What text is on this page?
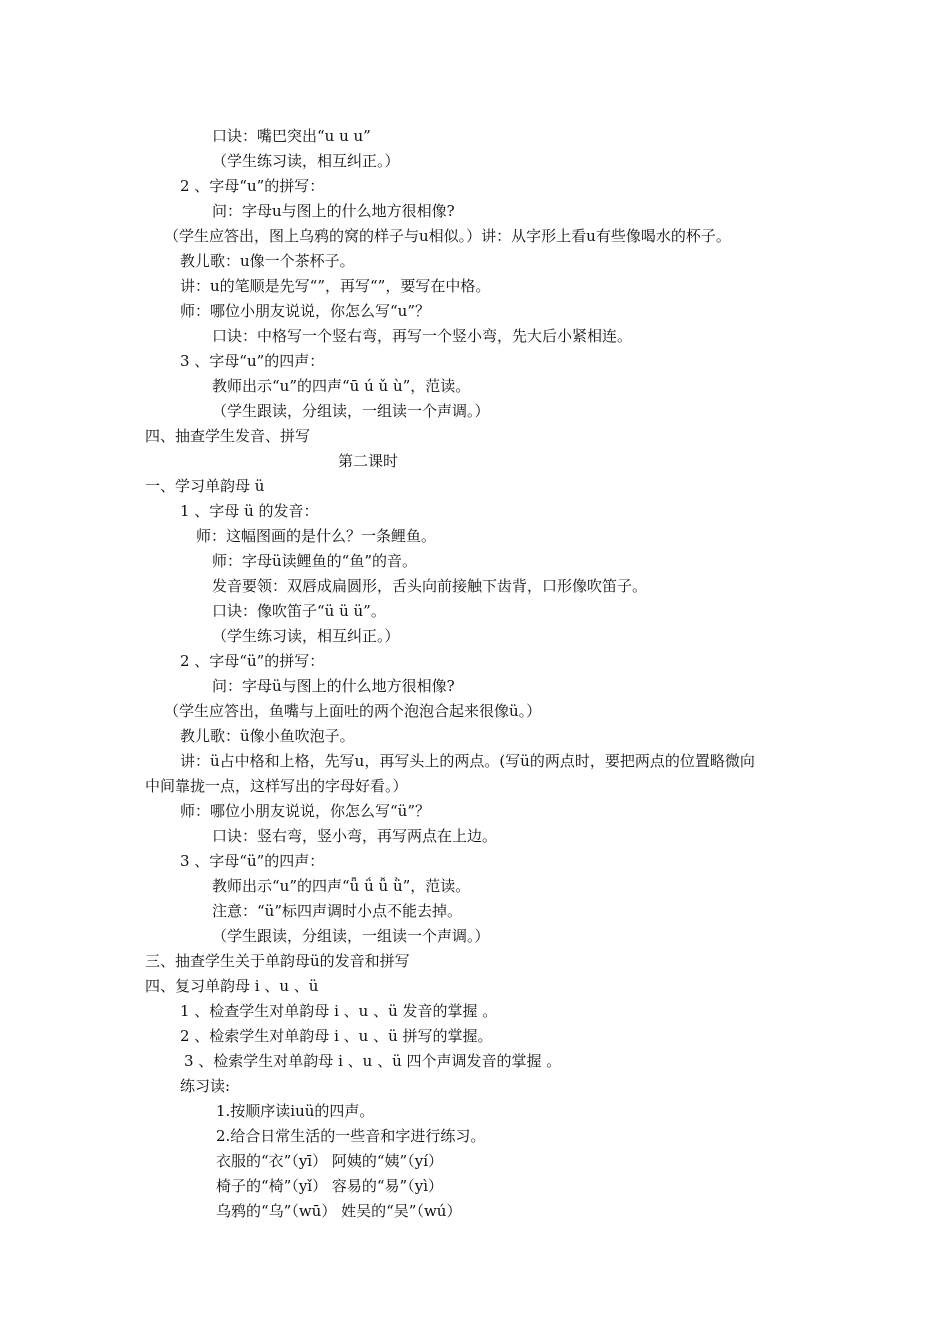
口诀：嘴巴突出“u u u”
（学生练习读，相互纠正。）
2 、字母“u”的拼写：
问：字母u与图上的什么地方很相像?
（学生应答出，图上乌鸦的窝的样子与u相似。）讲：从字形上看u有些像喝水的杯子。
教儿歌：u像一个茶杯子。
讲：u的笔顺是先写“”，再写“”，要写在中格。
师：哪位小朋友说说，你怎么写“u”？
口诀：中格写一个竖右弯，再写一个竖小弯，先大后小紧相连。
3 、字母“u”的四声：
教师出示“u”的四声“ū ú ǔ ù”，范读。
（学生跟读，分组读，一组读一个声调。）
四、抽查学生发音、拼写
第二课时
一、学习单韵母 ü
1 、字母 ü 的发音：
师：这幅图画的是什么？一条鲤鱼。
师：字母ü读鲤鱼的“鱼”的音。
发音要领：双唇成扁圆形，舌头向前接触下齿背，口形像吹笛子。
口诀：像吹笛子“ü ü ü”。
（学生练习读，相互纠正。）
2 、字母“ü”的拼写：
问：字母ü与图上的什么地方很相像?
（学生应答出，鱼嘴与上面吐的两个泡泡合起来很像ü。）
教儿歌：ü像小鱼吹泡子。
讲：ü占中格和上格，先写u，再写头上的两点。(写ü的两点时，要把两点的位置略微向
中间靠拢一点，这样写出的字母好看。）
师：哪位小朋友说说，你怎么写“ü”？
口诀：竖右弯，竖小弯，再写两点在上边。
3 、字母“ü”的四声：
教师出示“u”的四声“ǖ ǘ ǚ ǜ”，范读。
注意：“ü”标四声调时小点不能去掉。
（学生跟读，分组读，一组读一个声调。）
三、抽查学生关于单韵母ü的发音和拼写
四、复习单韵母 i 、u 、ü
1 、检查学生对单韵母 i 、u 、ü 发音的掌握 。
2 、检索学生对单韵母 i 、u 、ü 拼写的掌握。
3 、检索学生对单韵母 i 、u 、ü 四个声调发音的掌握 。
练习读:
1.按顺序读iuü的四声。
2.给合日常生活的一些音和字进行练习。
衣服的“衣”（yī） 阿姨的“姨”（yí）
椅子的“椅”（yǐ） 容易的“易”（yì）
乌鸦的“乌”（wū） 姓吴的“吴”（wú）
